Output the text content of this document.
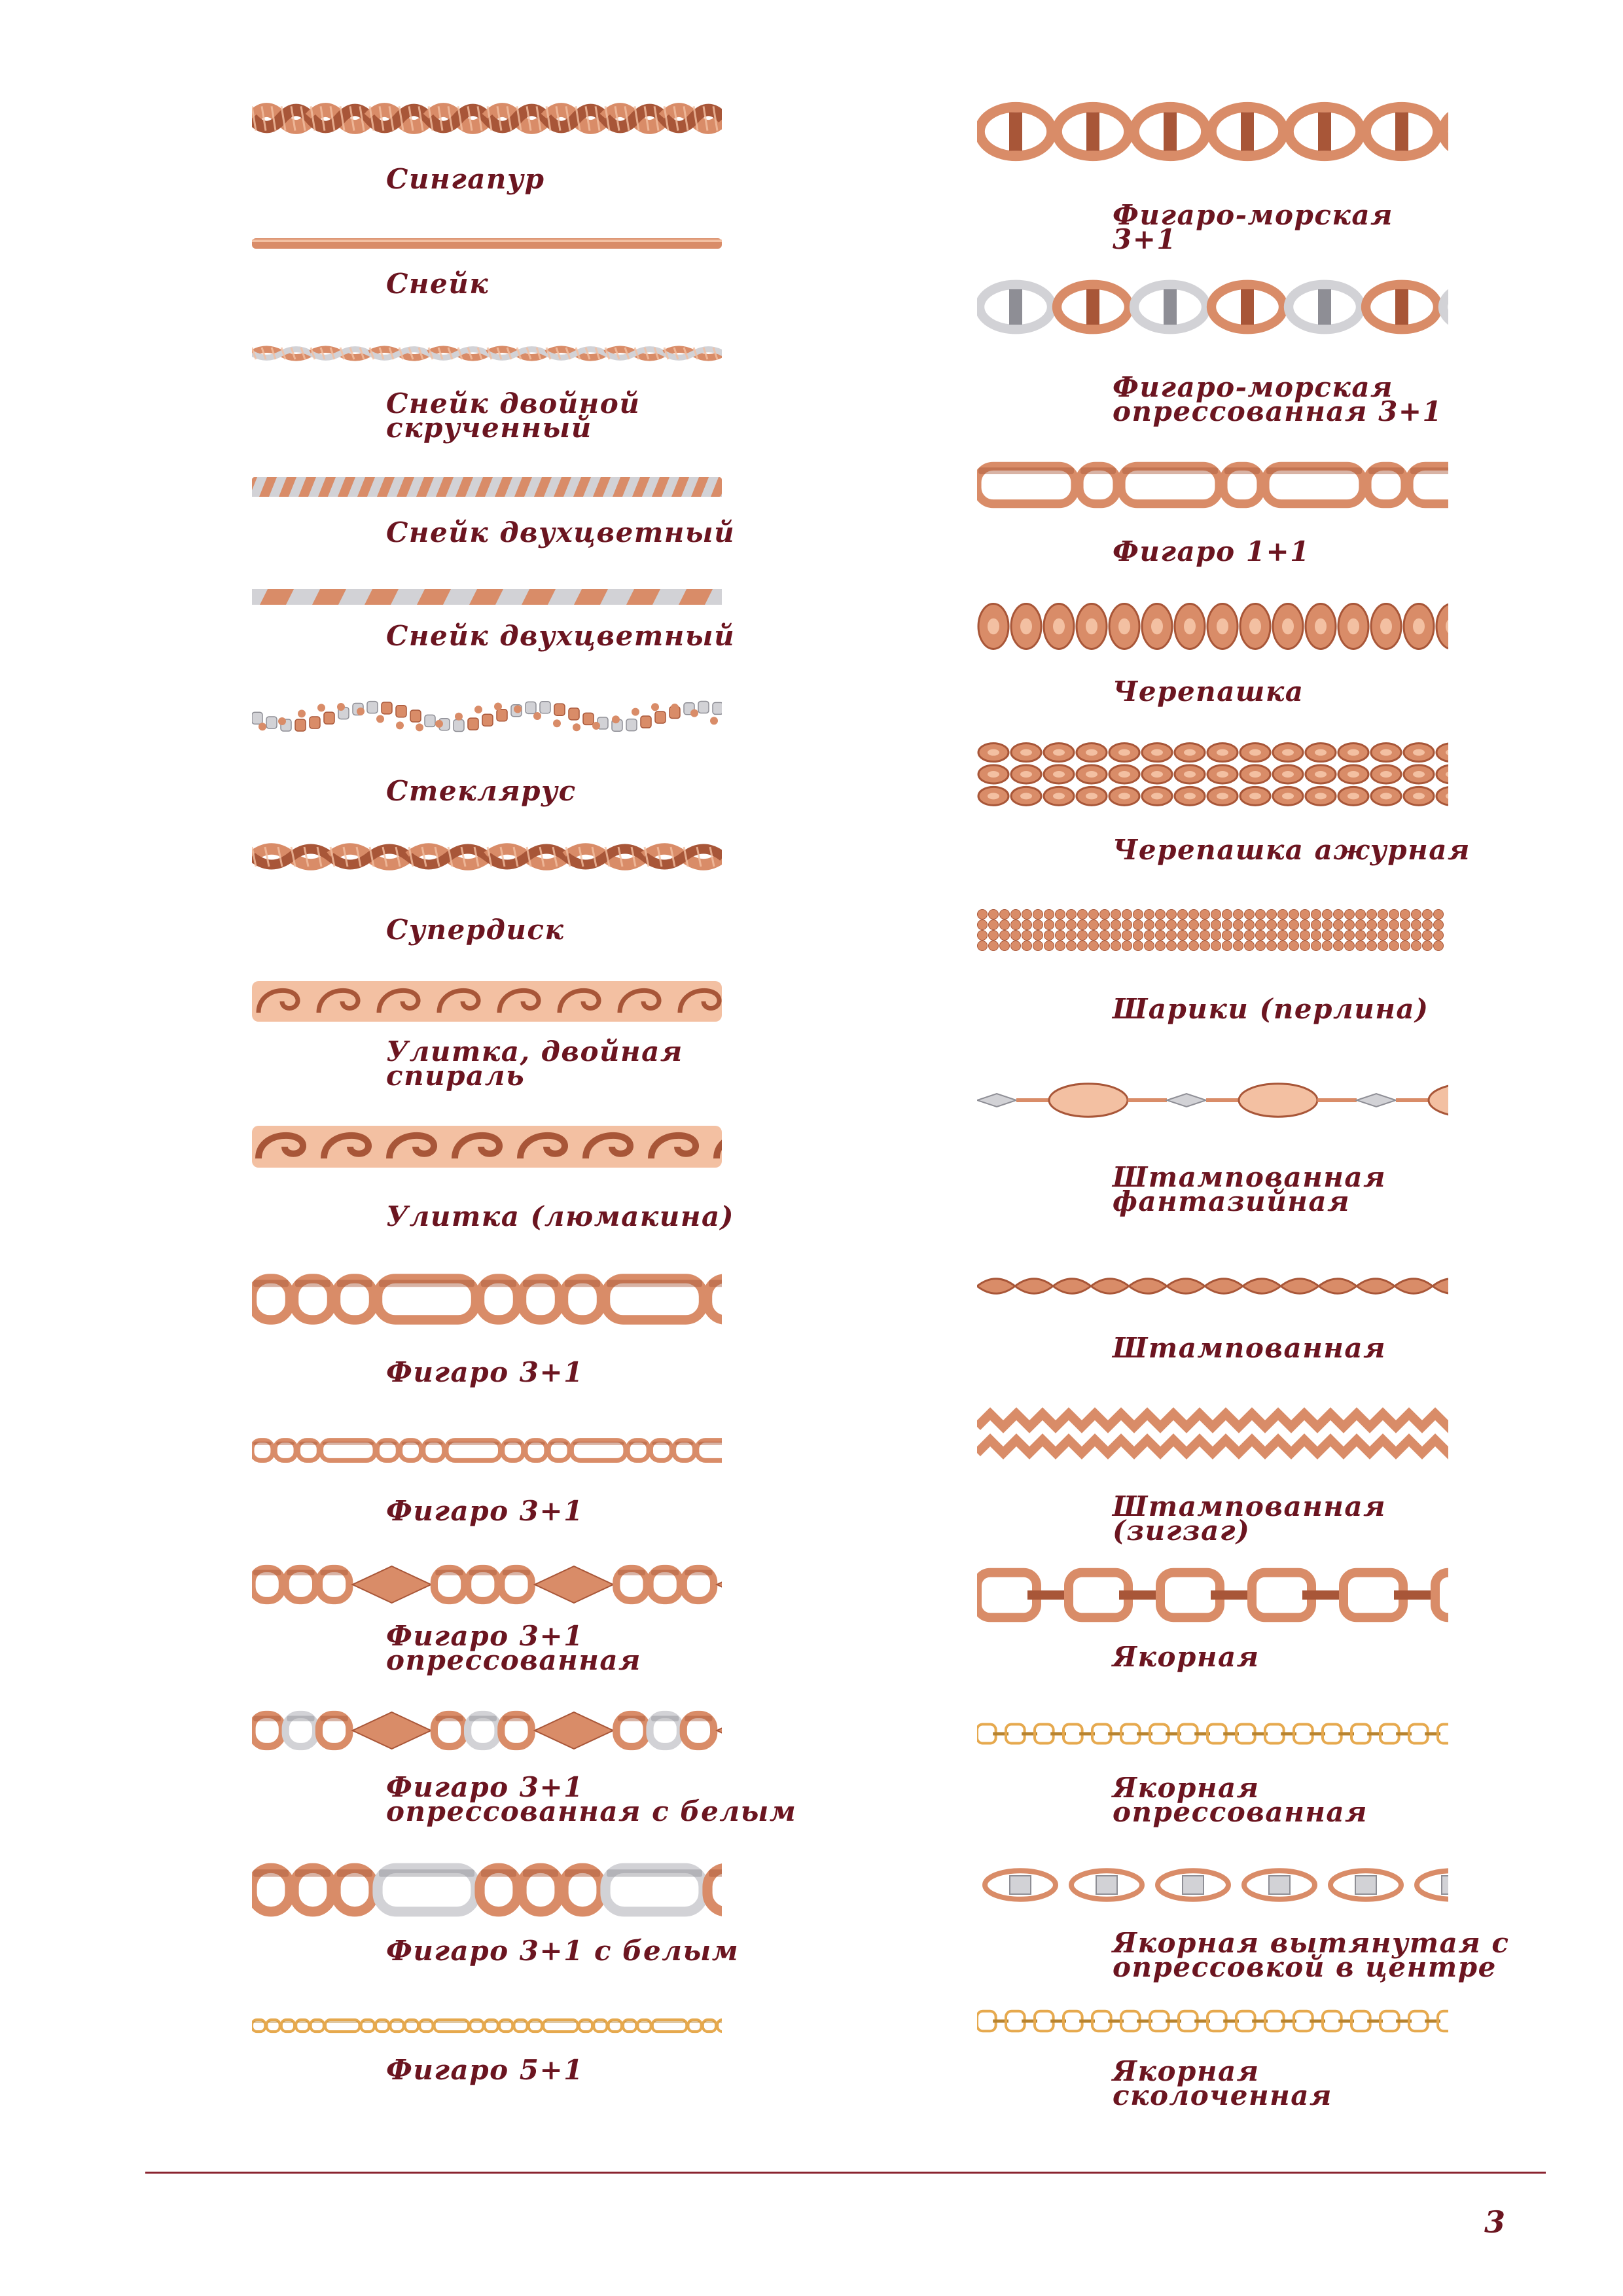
Сингапур

Снейк

Снейк двойной
скрученный

Снейк двухцветный

Снейк двухцветный

Стеклярус

Супердиск

Улитка, двойная
спираль

Улитка (люмакина)

Фигаро 3+1

Фигаро 3+1

Фигаро 3+1
опрессованная

Фигаро 3+1
опрессованная с белым

Фигаро 3+1 с белым

Фигаро 5+1

Фигаро-морская
3+1

Фигаро-морская
опрессованная 3+1

Фигаро 1+1

Черепашка

Черепашка ажурная

Шарики (перлина)

Штампованная
фантазийная

Штампованная

Штампованная
(зигзаг)

Якорная

Якорная
опрессованная

Якорная вытянутая с
опрессовкой в центре

Якорная
сколоченная

3
